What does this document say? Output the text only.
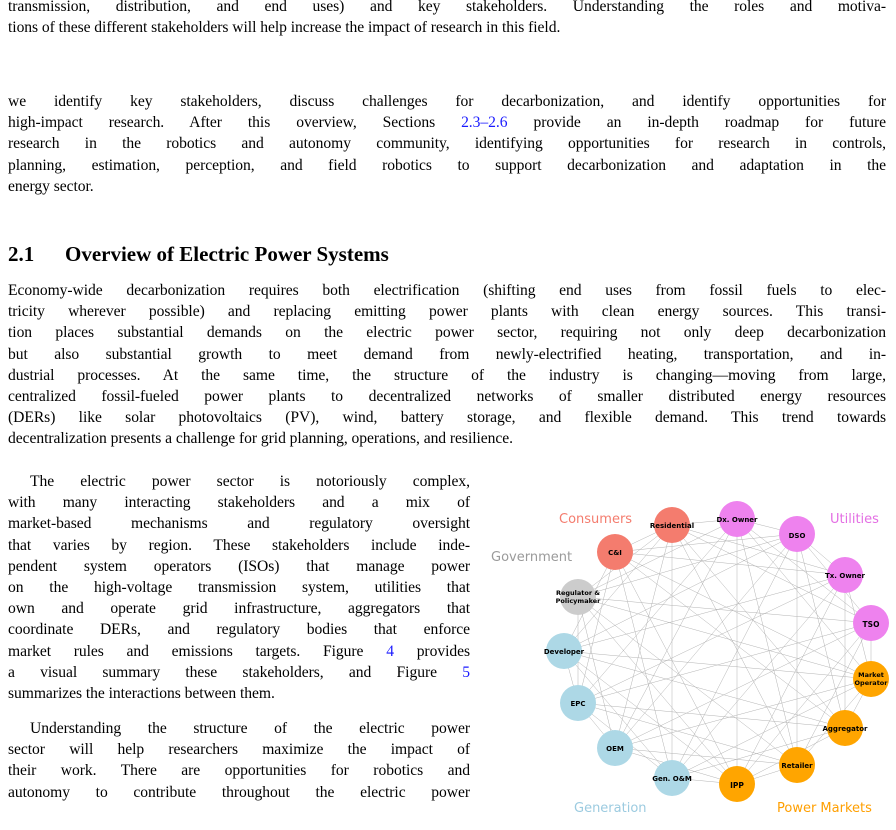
transmission, distribution, and end uses) and key stakeholders. Understanding the roles and motiva-
tions of these different stakeholders will help increase the impact of research in this field.
we identify key stakeholders, discuss challenges for decarbonization, and identify opportunities for
high-impact research. After this overview, Sections 2.3–2.6 provide an in-depth roadmap for future
research in the robotics and autonomy community, identifying opportunities for research in controls,
planning, estimation, perception, and field robotics to support decarbonization and adaptation in the
energy sector.
2.1 Overview of Electric Power Systems
Economy-wide decarbonization requires both electrification (shifting end uses from fossil fuels to elec-
tricity wherever possible) and replacing emitting power plants with clean energy sources. This transi-
tion places substantial demands on the electric power sector, requiring not only deep decarbonization
but also substantial growth to meet demand from newly-electrified heating, transportation, and in-
dustrial processes. At the same time, the structure of the industry is changing—moving from large,
centralized fossil-fueled power plants to decentralized networks of smaller distributed energy resources
(DERs) like solar photovoltaics (PV), wind, battery storage, and flexible demand. This trend towards
decentralization presents a challenge for grid planning, operations, and resilience.
The electric power sector is notoriously complex,
with many interacting stakeholders and a mix of
market-based mechanisms and regulatory oversight
that varies by region. These stakeholders include inde-
pendent system operators (ISOs) that manage power
on the high-voltage transmission system, utilities that
own and operate grid infrastructure, aggregators that
coordinate DERs, and regulatory bodies that enforce
market rules and emissions targets. Figure 4 provides
a visual summary these stakeholders, and Figure 5
summarizes the interactions between them.
Understanding the structure of the electric power
sector will help researchers maximize the impact of
their work. There are opportunities for robotics and
autonomy to contribute throughout the electric power
Consumers	Utilities
Government
Generation	Power Markets
Residential
C&I
Dx. Owner
DSO
Tx. Owner
TSO
Market
Operator
Aggregator
Retailer
IPP
Gen. O&M
OEM
EPC
Developer
Regulator &
Policymaker
